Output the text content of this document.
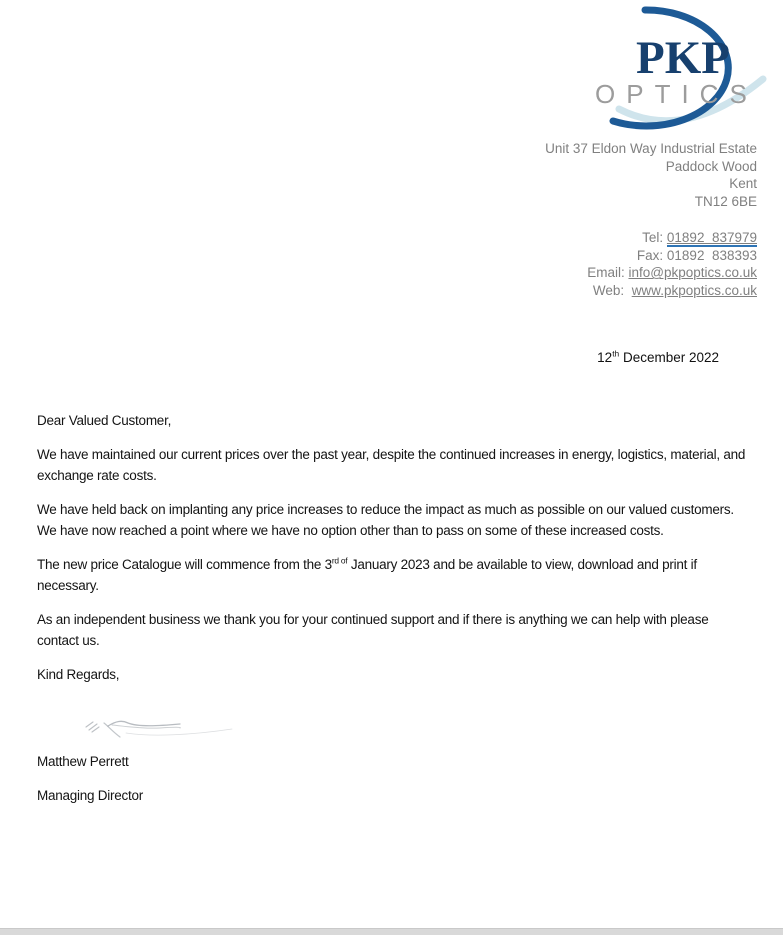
PKP
OPTICS
Unit 37 Eldon Way Industrial Estate
Paddock Wood
Kent
TN12 6BE
Tel: 01892  837979
Fax: 01892  838393
Email: info@pkpoptics.co.uk
Web:  www.pkpoptics.co.uk
12th December 2022

Dear Valued Customer,

We have maintained our current prices over the past year, despite the continued increases in energy, logistics, material, and exchange rate costs.

We have held back on implanting any price increases to reduce the impact as much as possible on our valued customers. We have now reached a point where we have no option other than to pass on some of these increased costs.

The new price Catalogue will commence from the $3^{rd of}$ January 2023 and be available to view, download and print if necessary.

As an independent business we thank you for your continued support and if there is anything we can help with please contact us.

Kind Regards,

Matthew Perrett

Managing Director
